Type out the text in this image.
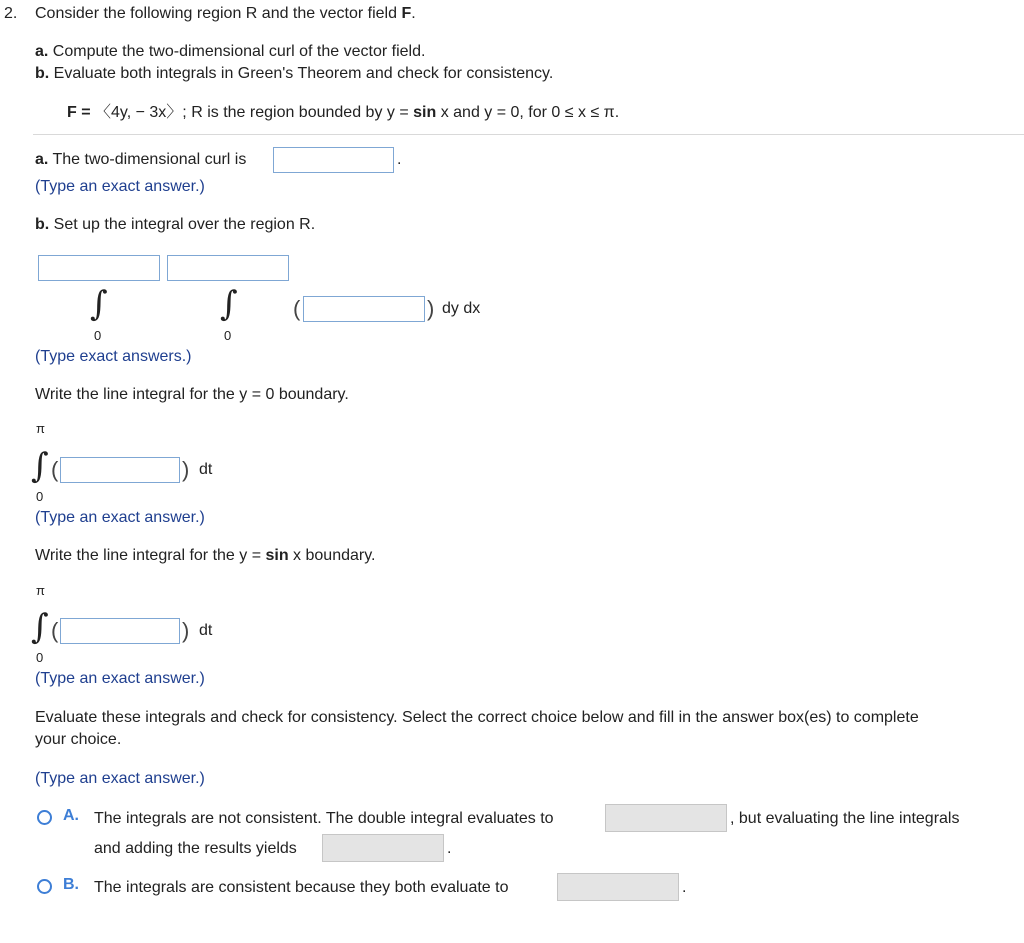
2. Consider the following region R and the vector field F.
a. Compute the two-dimensional curl of the vector field.
b. Evaluate both integrals in Green's Theorem and check for consistency.
F = 〈4y, − 3x〉; R is the region bounded by y = sin x and y = 0, for 0 ≤ x ≤ π.
a. The two-dimensional curl is	.
(Type an exact answer.)
b. Set up the integral over the region R.
∫	∫
0	0
(	) dy dx
(Type exact answers.)
Write the line integral for the y = 0 boundary.
π
∫ (	) dt
0
(Type an exact answer.)
Write the line integral for the y = sin x boundary.
π
∫ (	) dt
0
(Type an exact answer.)
Evaluate these integrals and check for consistency. Select the correct choice below and fill in the answer box(es) to complete
your choice.
(Type an exact answer.)
A. The integrals are not consistent. The double integral evaluates to	, but evaluating the line integrals
and adding the results yields	.
B. The integrals are consistent because they both evaluate to	.
